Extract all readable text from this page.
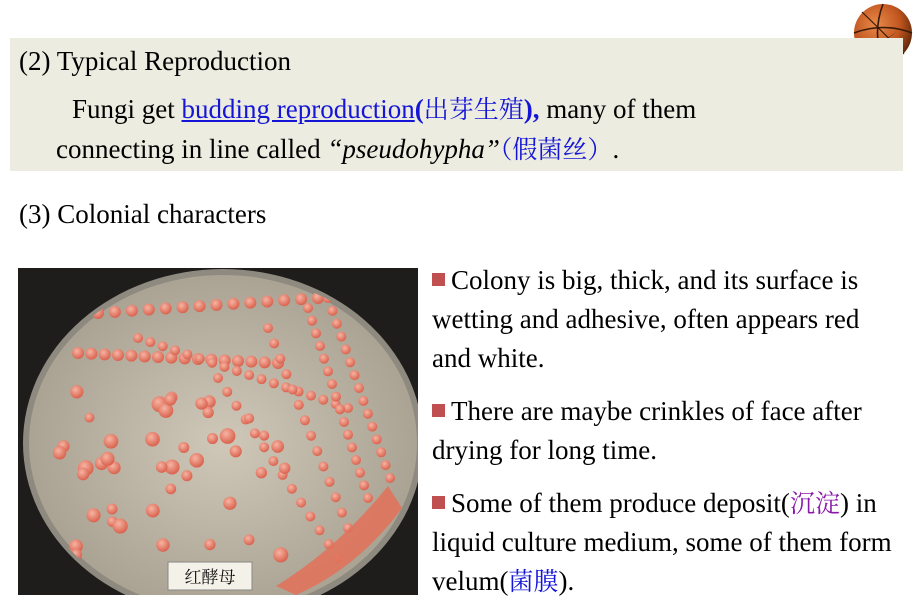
(2) Typical Reproduction
Fungi get budding reproduction(出芽生殖), many of them
connecting in line called “pseudohypha”（假菌丝）.
(3) Colonial characters
红酵母
Colony is big, thick, and its surface is wetting and adhesive, often appears red and white.
There are maybe crinkles of face after drying for long time.
Some of them produce deposit(沉淀) in liquid culture medium, some of them form velum(菌膜).
